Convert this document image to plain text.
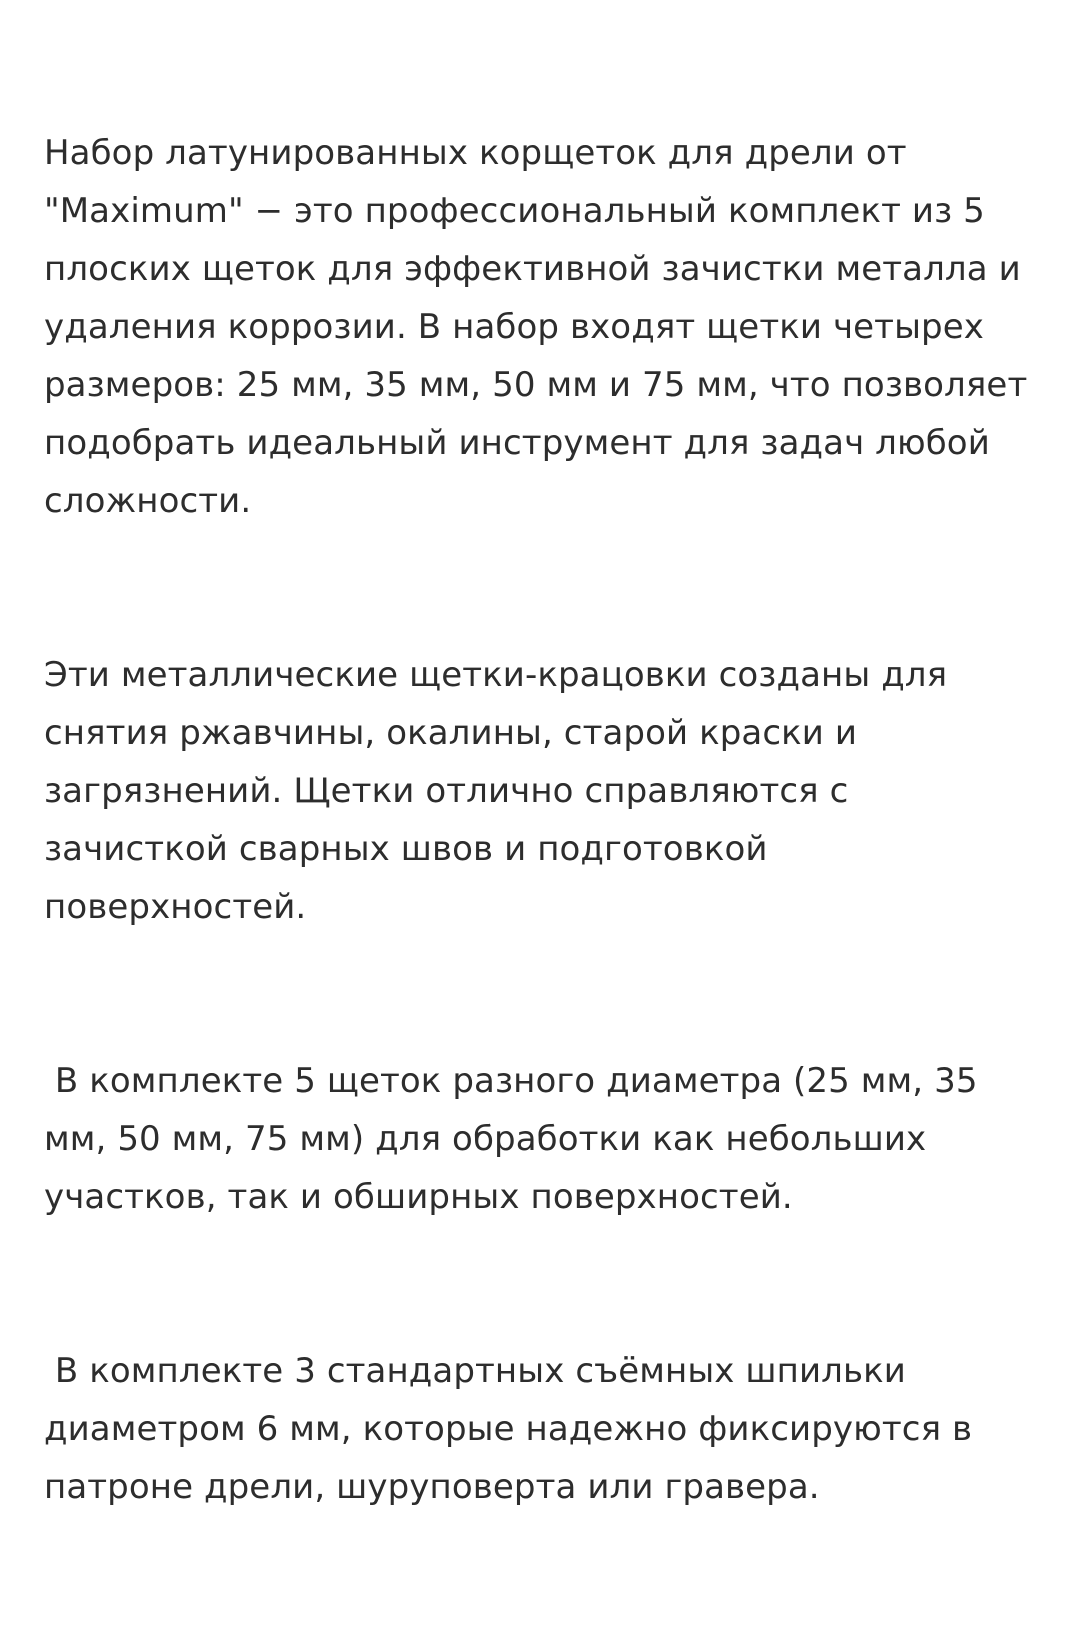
Набор латунированных корщеток для дрели от "Maximum" − это профессиональный комплект из 5 плоских щеток для эффективной зачистки металла и удаления коррозии. В набор входят щетки четырех размеров: 25 мм, 35 мм, 50 мм и 75 мм, что позволяет подобрать идеальный инструмент для задач любой сложности.

Эти металлические щетки-крацовки созданы для снятия ржавчины, окалины, старой краски и загрязнений. Щетки отлично справляются с зачисткой сварных швов и подготовкой поверхностей.

В комплекте 5 щеток разного диаметра (25 мм, 35 мм, 50 мм, 75 мм) для обработки как небольших участков, так и обширных поверхностей.

В комплекте 3 стандартных съёмных шпильки диаметром 6 мм, которые надежно фиксируются в патроне дрели, шуруповерта или гравера.
